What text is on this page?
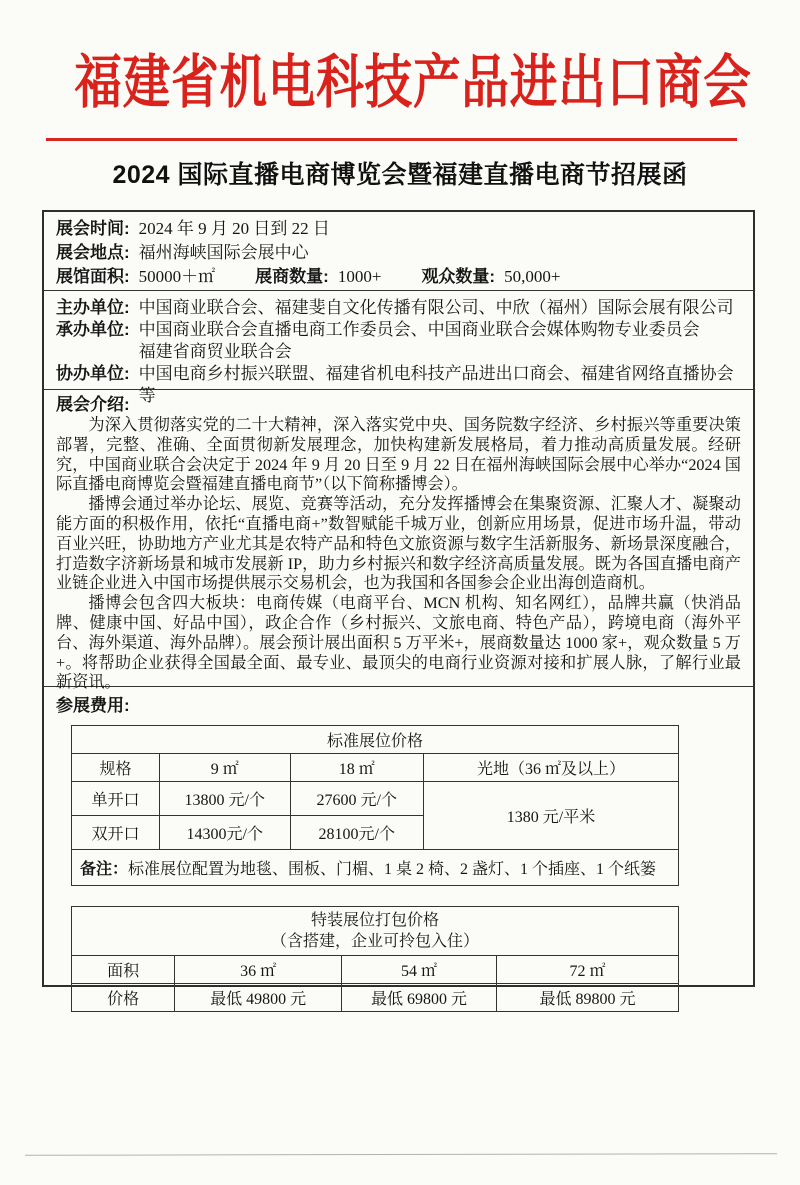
福建省机电科技产品进出口商会
2024 国际直播电商博览会暨福建直播电商节招展函
展会时间: 2024 年 9 月 20 日到 22 日
展会地点: 福州海峡国际会展中心
展馆面积: 50000＋㎡ 展商数量: 1000+ 观众数量: 50,000+
主办单位: 中国商业联合会、福建斐自文化传播有限公司、中欣（福州）国际会展有限公司
承办单位: 中国商业联合会直播电商工作委员会、中国商业联合会媒体购物专业委员会
福建省商贸业联合会
协办单位: 中国电商乡村振兴联盟、福建省机电科技产品进出口商会、福建省网络直播协会等
展会介绍:

为深入贯彻落实党的二十大精神，深入落实党中央、国务院数字经济、乡村振兴等重要决策部署，完整、准确、全面贯彻新发展理念，加快构建新发展格局，着力推动高质量发展。经研究，中国商业联合会决定于 2024 年 9 月 20 日至 9 月 22 日在福州海峡国际会展中心举办“2024 国际直播电商博览会暨福建直播电商节”（以下简称播博会）。

播博会通过举办论坛、展览、竞赛等活动，充分发挥播博会在集聚资源、汇聚人才、凝聚动能方面的积极作用，依托“直播电商+”数智赋能千城万业，创新应用场景，促进市场升温，带动百业兴旺，协助地方产业尤其是农特产品和特色文旅资源与数字生活新服务、新场景深度融合，打造数字济新场景和城市发展新 IP，助力乡村振兴和数字经济高质量发展。既为各国直播电商产业链企业进入中国市场提供展示交易机会，也为我国和各国参会企业出海创造商机。

播博会包含四大板块：电商传媒（电商平台、MCN 机构、知名网红），品牌共赢（快消品牌、健康中国、好品中国），政企合作（乡村振兴、文旅电商、特色产品），跨境电商（海外平台、海外渠道、海外品牌）。展会预计展出面积 5 万平米+，展商数量达 1000 家+，观众数量 5 万+。将帮助企业获得全国最全面、最专业、最顶尖的电商行业资源对接和扩展人脉，了解行业最新资讯。

参展费用:
标准展位价格			
规格	9 ㎡	18 ㎡	光地（36 ㎡及以上）
单开口	13800 元/个	27600 元/个	1380 元/平米
双开口	14300元/个	28100元/个	
备注：标准展位配置为地毯、围板、门楣、1 桌 2 椅、2 盏灯、1 个插座、1 个纸篓			
特装展位打包价格
（含搭建，企业可拎包入住）			

面积	36 ㎡	54 ㎡	72 ㎡
价格	最低 49800 元	最低 69800 元	最低 89800 元
